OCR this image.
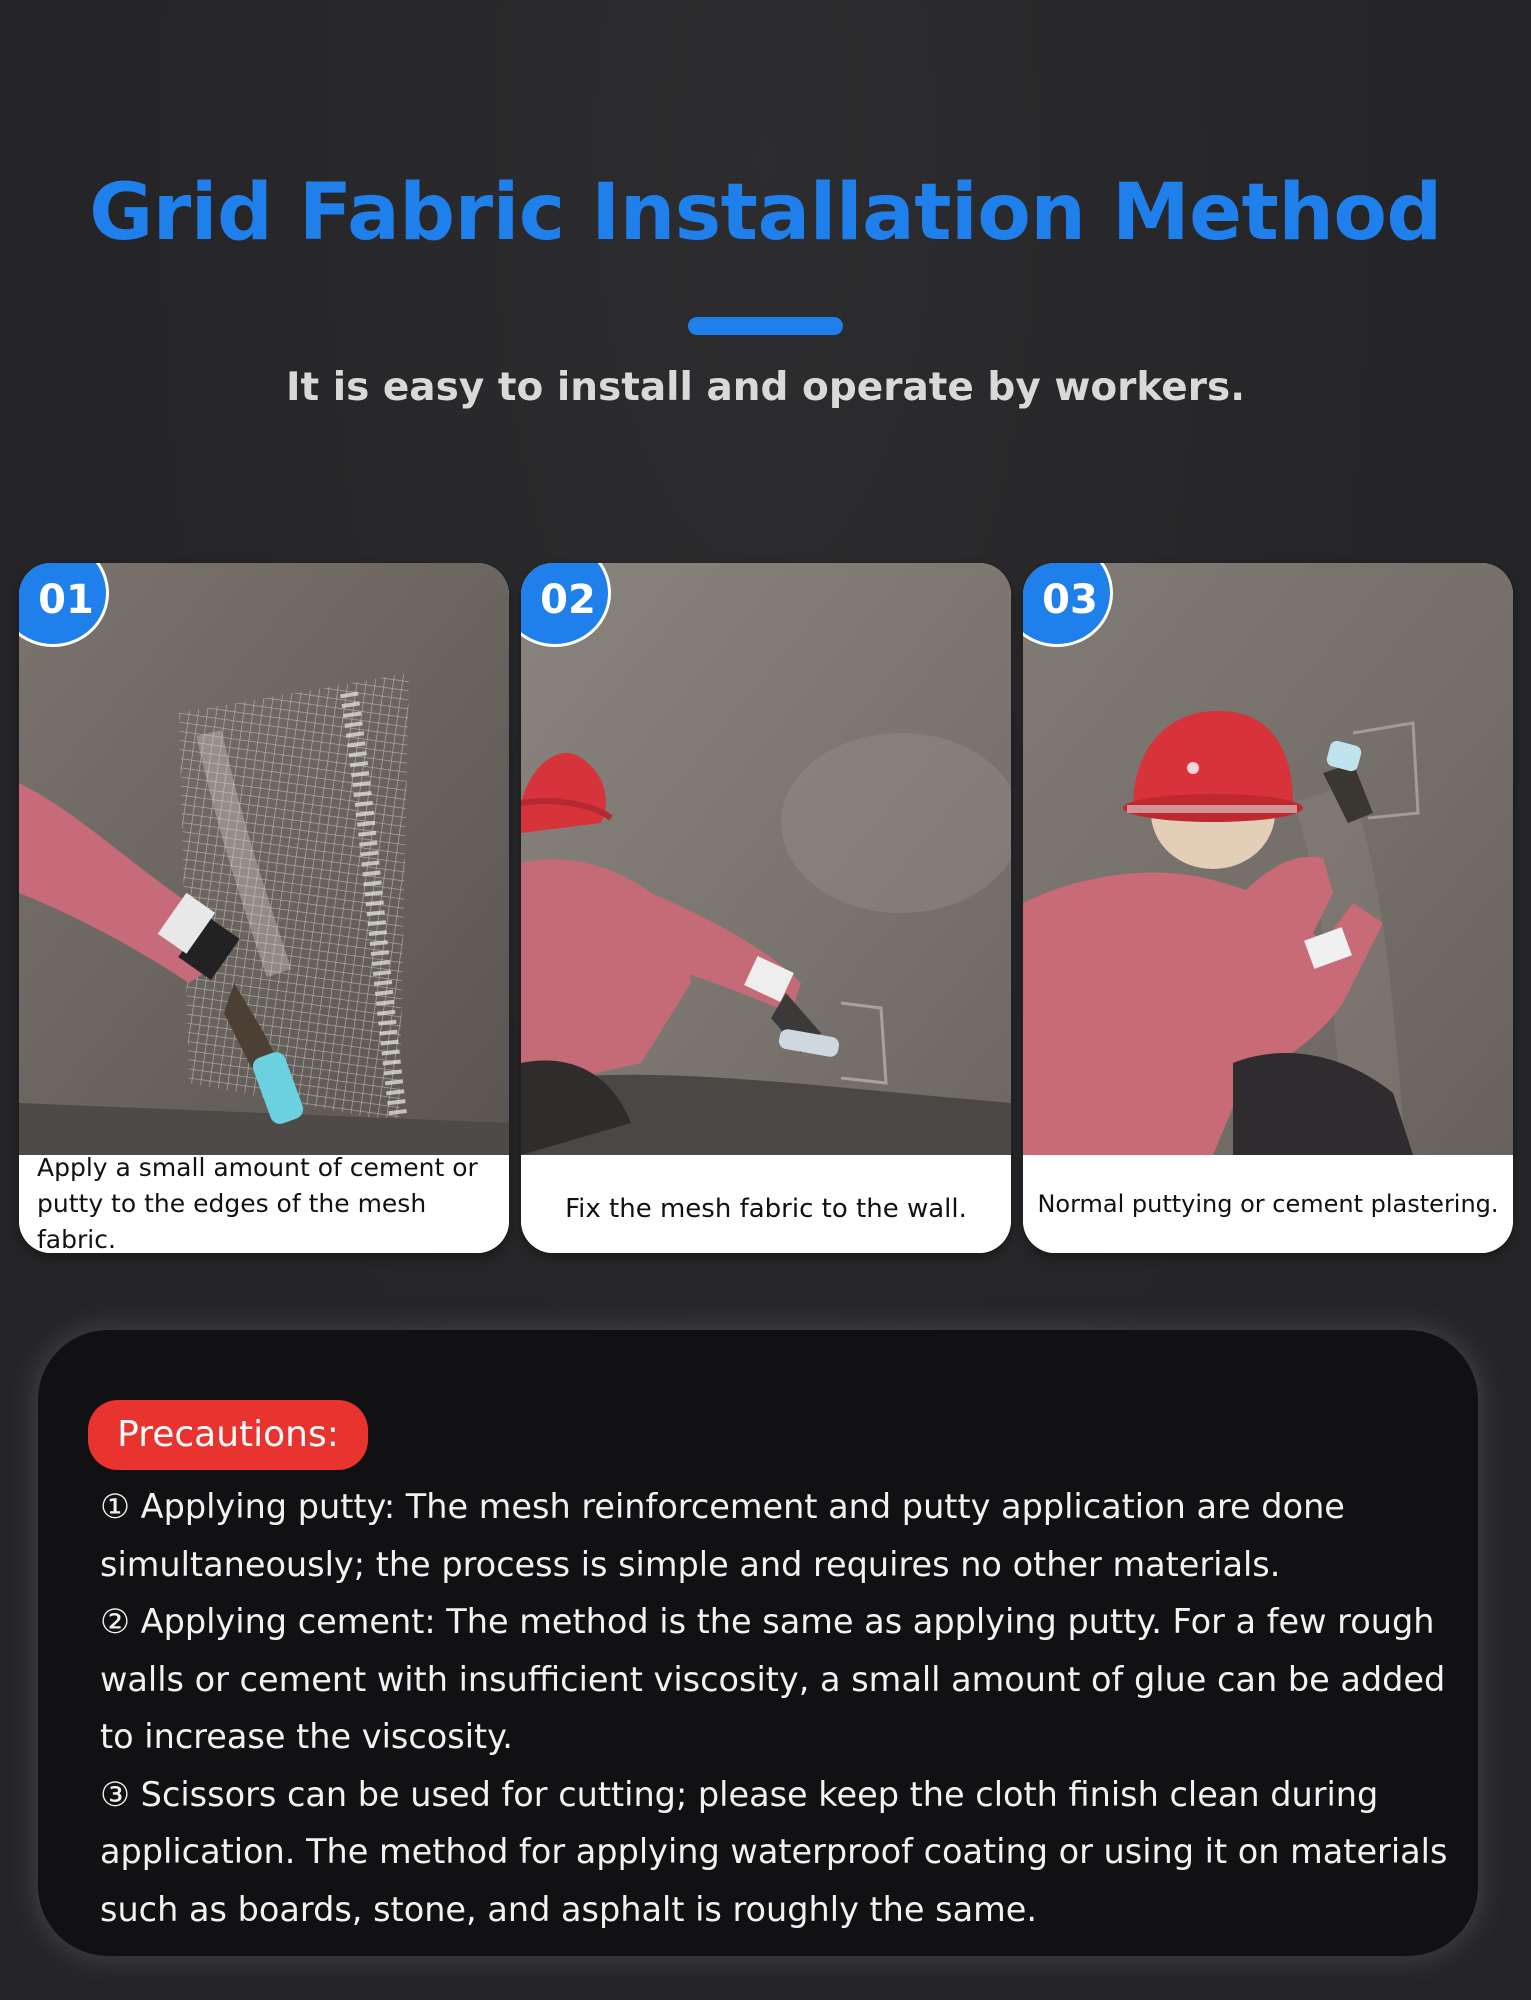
Grid Fabric Installation Method

It is easy to install and operate by workers.

01
Apply a small amount of cement or putty to the edges of the mesh fabric.
02
Fix the mesh fabric to the wall.
03
Normal puttying or cement plastering.
Precautions:

① Applying putty: The mesh reinforcement and putty application are done simultaneously; the process is simple and requires no other materials.

② Applying cement: The method is the same as applying putty. For a few rough walls or cement with insufficient viscosity, a small amount of glue can be added to increase the viscosity.

③ Scissors can be used for cutting; please keep the cloth finish clean during application. The method for applying waterproof coating or using it on materials such as boards, stone, and asphalt is roughly the same.
